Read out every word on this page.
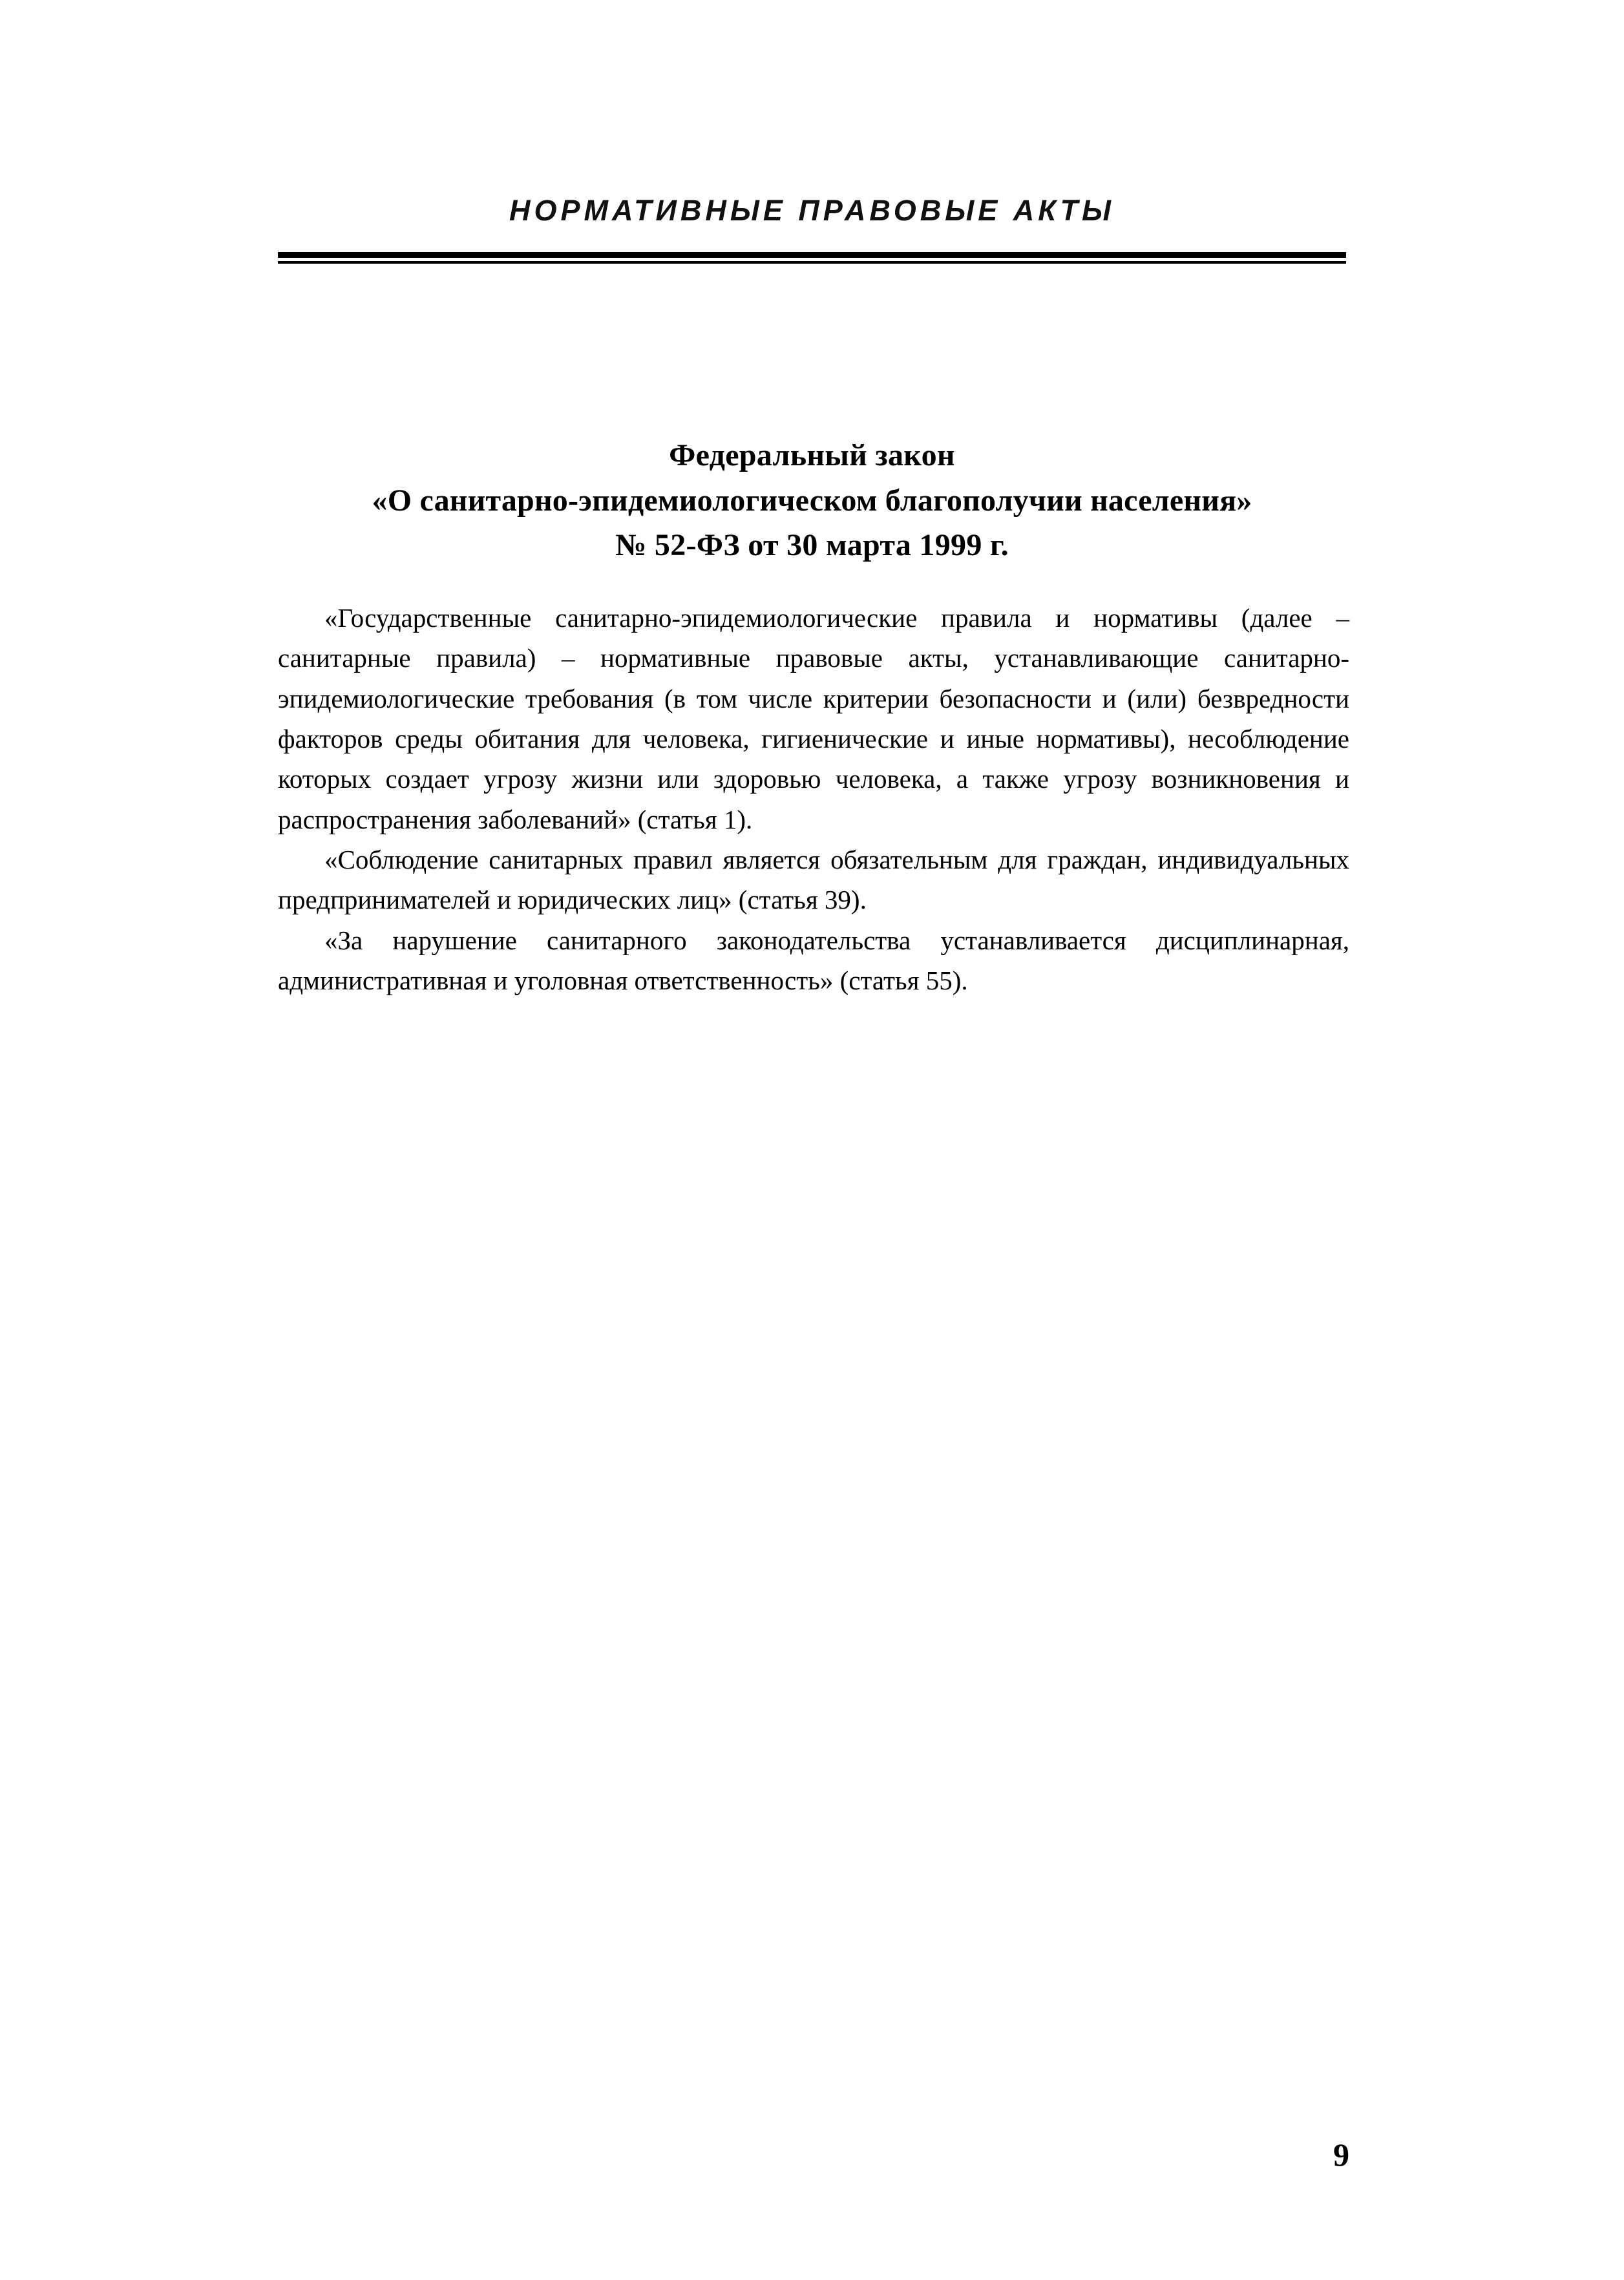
НОРМАТИВНЫЕ ПРАВОВЫЕ АКТЫ
Федеральный закон
«О санитарно-эпидемиологическом благополучии населения»
№ 52-ФЗ от 30 марта 1999 г.

«Государственные санитарно-эпидемиологические правила и нормативы (далее – санитарные правила) – нормативные правовые акты, устанавливающие санитарно-эпидемиологические требования (в том числе критерии безопасности и (или) безвредности факторов среды обитания для человека, гигиенические и иные нормативы), несоблюдение которых создает угрозу жизни или здоровью человека, а также угрозу возникновения и распространения заболеваний» (статья 1).

«Соблюдение санитарных правил является обязательным для граждан, индивидуальных предпринимателей и юридических лиц» (статья 39).

«За нарушение санитарного законодательства устанавливается дисциплинарная, административная и уголовная ответственность» (статья 55).

9
